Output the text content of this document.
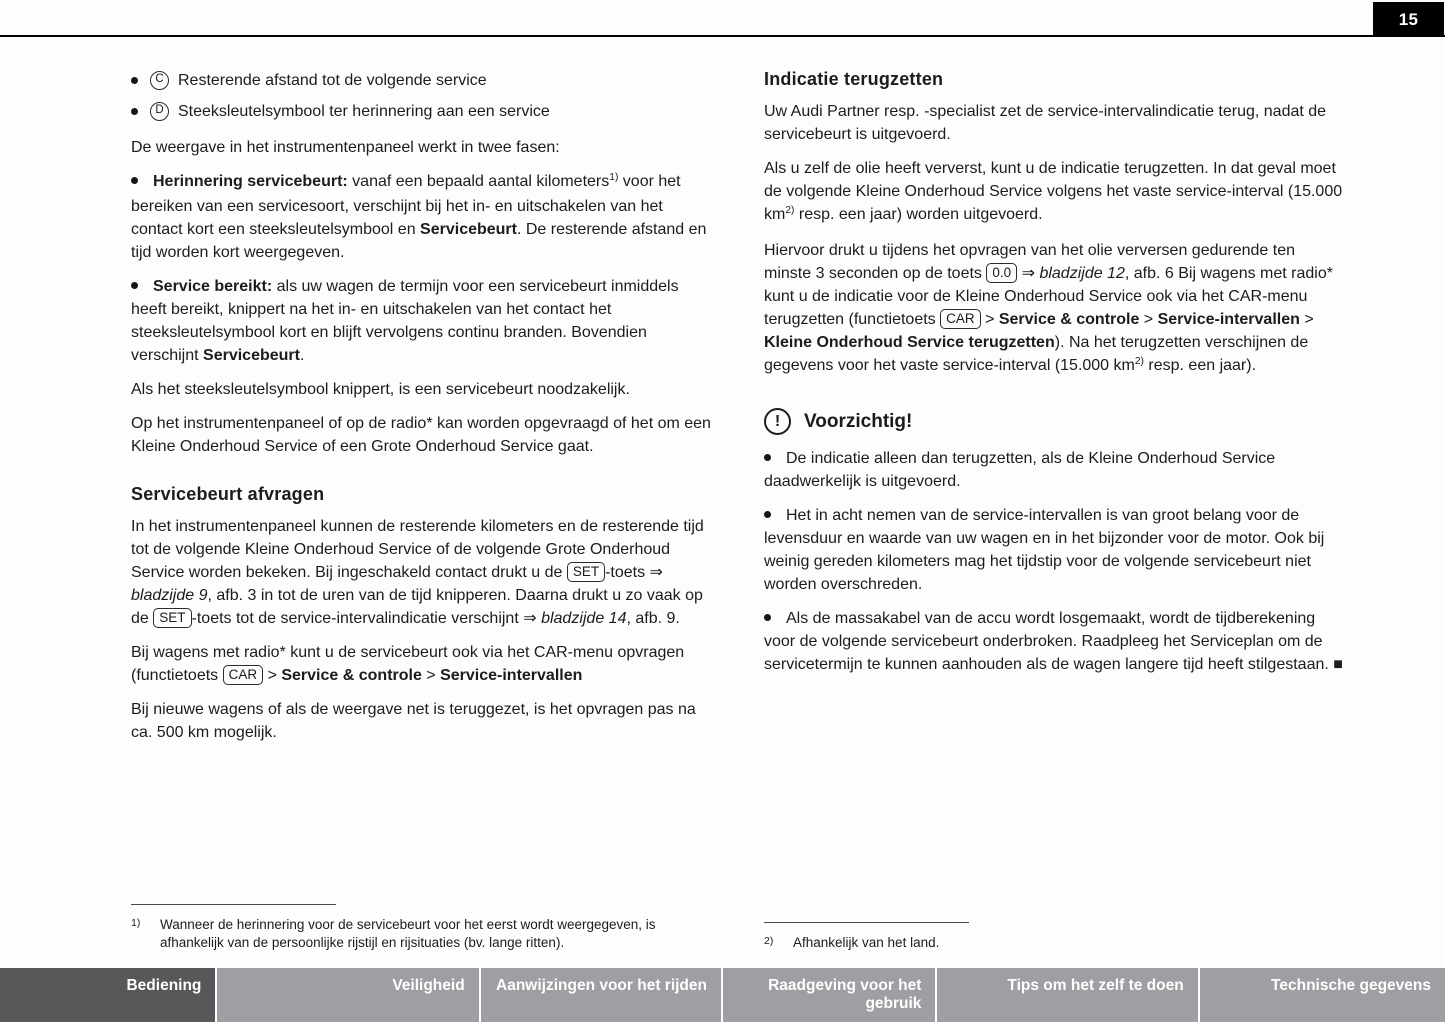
15
C Resterende afstand tot de volgende service
D Steeksleutelsymbool ter herinnering aan een service

De weergave in het instrumentenpaneel werkt in twee fasen:

Herinnering servicebeurt: vanaf een bepaald aantal kilometers$^{1)}$ voor het bereiken van een servicesoort, verschijnt bij het in- en uitschakelen van het contact kort een steeksleutelsymbool en Servicebeurt. De resterende afstand en tijd worden kort weergegeven.

Service bereikt: als uw wagen de termijn voor een servicebeurt inmiddels heeft bereikt, knippert na het in- en uitschakelen van het contact het steeksleutelsymbool kort en blijft vervolgens continu branden. Bovendien verschijnt Servicebeurt.

Als het steeksleutelsymbool knippert, is een servicebeurt noodzakelijk.

Op het instrumentenpaneel of op de radio* kan worden opgevraagd of het om een Kleine Onderhoud Service of een Grote Onderhoud Service gaat.

Servicebeurt afvragen

In het instrumentenpaneel kunnen de resterende kilometers en de resterende tijd tot de volgende Kleine Onderhoud Service of de volgende Grote Onderhoud Service worden bekeken. Bij ingeschakeld contact drukt u de SET -toets ⇒ bladzijde 9, afb. 3 in tot de uren van de tijd knipperen. Daarna drukt u zo vaak op de SET -toets tot de service-intervalindicatie verschijnt ⇒ bladzijde 14, afb. 9.

Bij wagens met radio* kunt u de servicebeurt ook via het CAR-menu opvragen (functietoets CAR > Service & controle > Service-intervallen

Bij nieuwe wagens of als de weergave net is teruggezet, is het opvragen pas na ca. 500 km mogelijk.

1)	Wanneer de herinnering voor de servicebeurt voor het eerst wordt weergegeven, is afhankelijk van de persoonlijke rijstijl en rijsituaties (bv. lange ritten).
Indicatie terugzetten

Uw Audi Partner resp. -specialist zet de service-intervalindicatie terug, nadat de servicebeurt is uitgevoerd.

Als u zelf de olie heeft ververst, kunt u de indicatie terugzetten. In dat geval moet de volgende Kleine Onderhoud Service volgens het vaste service-interval (15.000 $km^{2)}$ resp. een jaar) worden uitgevoerd.

Hiervoor drukt u tijdens het opvragen van het olie verversen gedurende ten minste 3 seconden op de toets 0.0 ⇒ bladzijde 12, afb. 6 Bij wagens met radio* kunt u de indicatie voor de Kleine Onderhoud Service ook via het CAR-menu terugzetten (functietoets CAR > Service & controle > Service-intervallen > Kleine Onderhoud Service terugzetten). Na het terugzetten verschijnen de gegevens voor het vaste service-interval (15.000 $km^{2)}$ resp. een jaar).

!	Voorzichtig!

De indicatie alleen dan terugzetten, als de Kleine Onderhoud Service daadwerkelijk is uitgevoerd.

Het in acht nemen van de service-intervallen is van groot belang voor de levensduur en waarde van uw wagen en in het bijzonder voor de motor. Ook bij weinig gereden kilometers mag het tijdstip voor de volgende servicebeurt niet worden overschreden.

Als de massakabel van de accu wordt losgemaakt, wordt de tijdberekening voor de volgende servicebeurt onderbroken. Raadpleeg het Serviceplan om de servicetermijn te kunnen aanhouden als de wagen langere tijd heeft stilgestaan. ■

2)	Afhankelijk van het land.
Bediening	Veiligheid	Aanwijzingen voor het rijden	Raadgeving voor het gebruik
Tips om het zelf te doen	Technische gegevens
